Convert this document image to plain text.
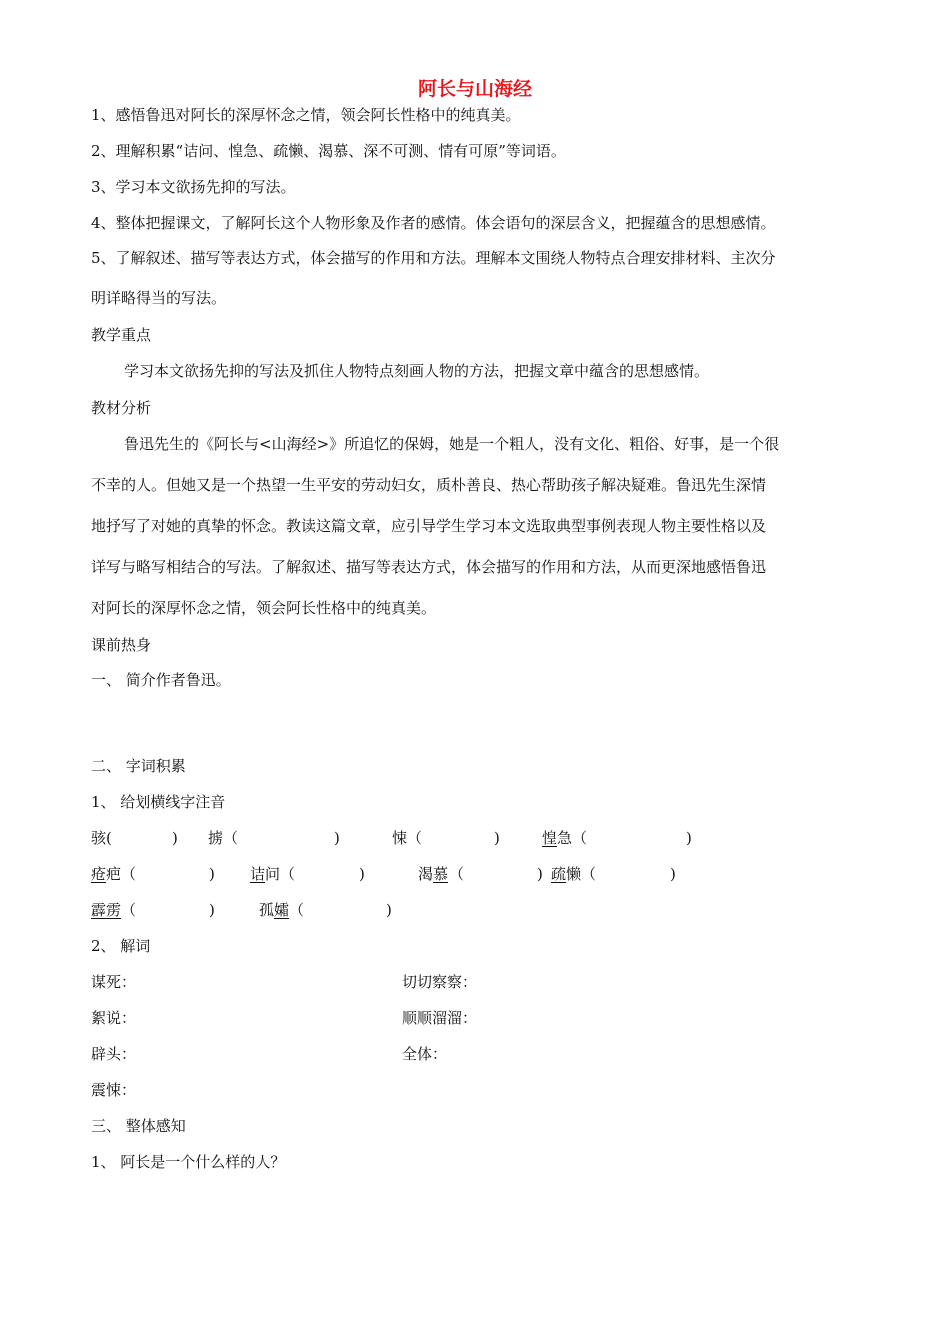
阿长与山海经
1、感悟鲁迅对阿长的深厚怀念之情，领会阿长性格中的纯真美。
2、理解积累“诘问、惶急、疏懒、渴慕、深不可测、情有可原”等词语。
3、学习本文欲扬先抑的写法。
4、整体把握课文，了解阿长这个人物形象及作者的感情。体会语句的深层含义，把握蕴含的思想感情。
5、了解叙述、描写等表达方式，体会描写的作用和方法。理解本文围绕人物特点合理安排材料、主次分
明详略得当的写法。
教学重点
学习本文欲扬先抑的写法及抓住人物特点刻画人物的方法，把握文章中蕴含的思想感情。
教材分析
鲁迅先生的《阿长与<山海经>》所追忆的保姆，她是一个粗人，没有文化、粗俗、好事，是一个很
不幸的人。但她又是一个热望一生平安的劳动妇女，质朴善良、热心帮助孩子解决疑难。鲁迅先生深情
地抒写了对她的真挚的怀念。教读这篇文章，应引导学生学习本文选取典型事例表现人物主要性格以及
详写与略写相结合的写法。了解叙述、描写等表达方式，体会描写的作用和方法，从而更深地感悟鲁迅
对阿长的深厚怀念之情，领会阿长性格中的纯真美。
课前热身
一、 简介作者鲁迅。
二、 字词积累
1、 给划横线字注音
骇(	) 掳（	)	悚（	)	惶 急（	)
疮 疤（	)	诘 问（	)	渴 慕 （	) 疏 懒（	)
霹 雳 （	)	孤 孀 （	)
2、 解词
谋死：	切切察察：
絮说：	顺顺溜溜：
辟头：	全体：
震悚：
三、 整体感知
1、 阿长是一个什么样的人？
